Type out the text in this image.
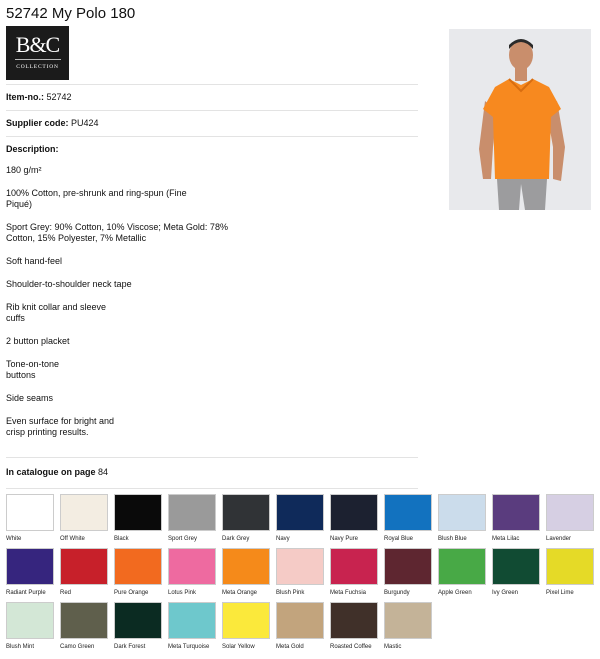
52742 My Polo 180
B&C
COLLECTION
Item-no.: 52742
Supplier code: PU424
Description:

180 g/m²

100% Cotton, pre-shrunk and ring-spun (Fine Piqué)

Sport Grey: 90% Cotton, 10% Viscose; Meta Gold: 78% Cotton, 15% Polyester, 7% Metallic

Soft hand-feel

Shoulder-to-shoulder neck tape

Rib knit collar and sleeve cuffs

2 button placket

Tone-on-tone buttons

Side seams

Even surface for bright and crisp printing results.

In catalogue on page 84
White	Off White	Black	Sport Grey	Dark Grey	Navy	Navy Pure	Royal Blue	Blush Blue	Meta Lilac	Lavender
Radiant Purple	Red	Pure Orange	Lotus Pink	Meta Orange	Blush Pink	Meta Fuchsia	Burgundy	Apple Green	Ivy Green	Pixel Lime
Blush Mint	Camo Green	Dark Forest	Meta Turquoise	Solar Yellow	Meta Gold	Roasted Coffee	Mastic
